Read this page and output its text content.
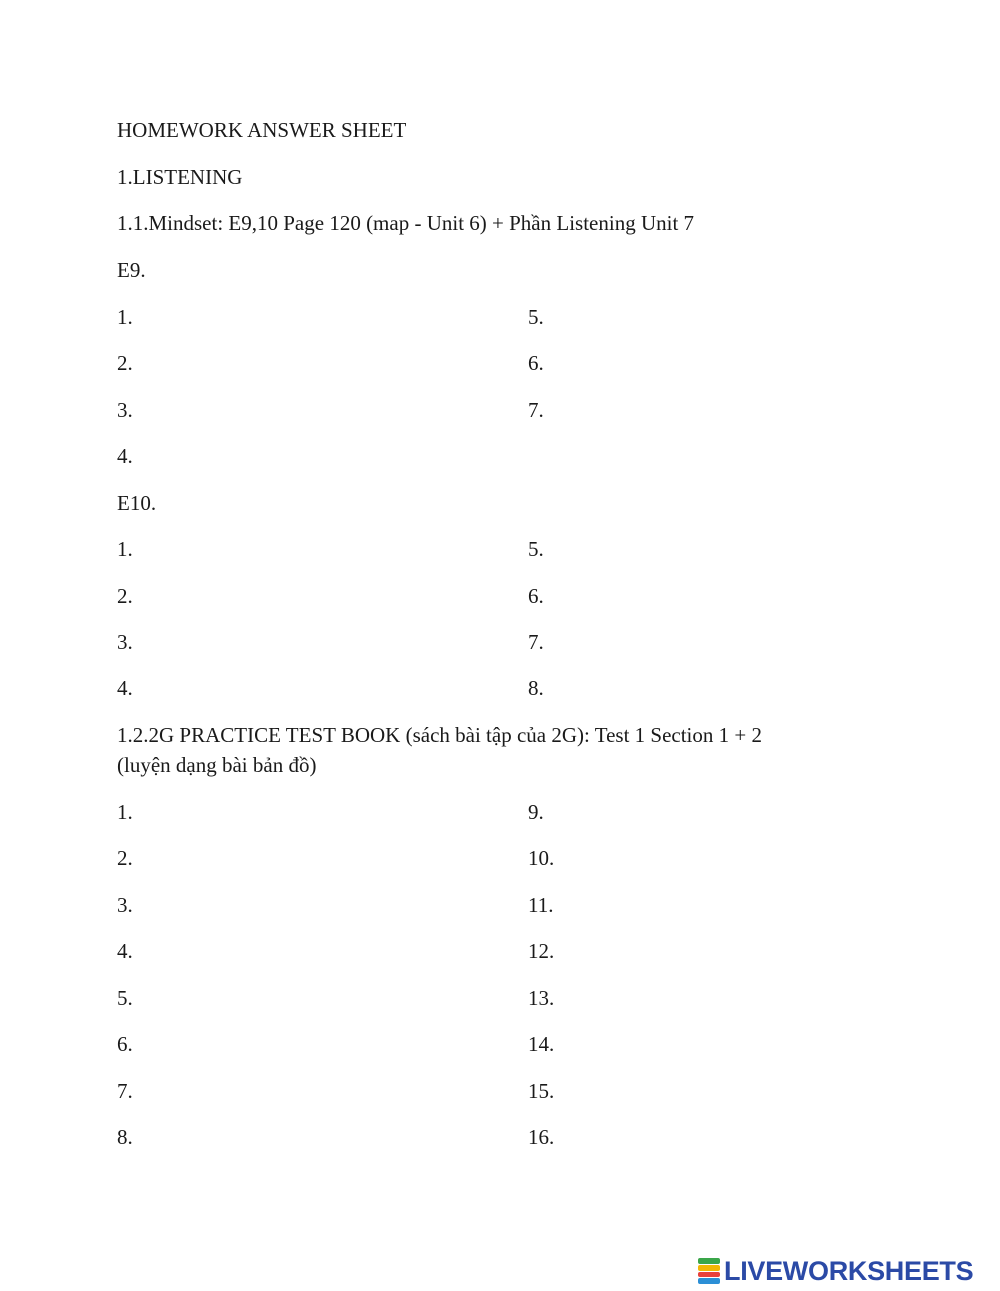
HOMEWORK ANSWER SHEET
1.LISTENING
1.1.Mindset: E9,10 Page 120 (map - Unit 6) + Phần Listening Unit 7
E9.
1.
2.
3.
4.
5.
6.
7.
E10.
1.
2.
3.
4.
5.
6.
7.
8.
1.2.2G PRACTICE TEST BOOK (sách bài tập của 2G): Test 1 Section 1 + 2
(luyện dạng bài bản đồ)
1.
2.
3.
4.
5.
6.
7.
8.
9.
10.
11.
12.
13.
14.
15.
16.
LIVEWORKSHEETS
